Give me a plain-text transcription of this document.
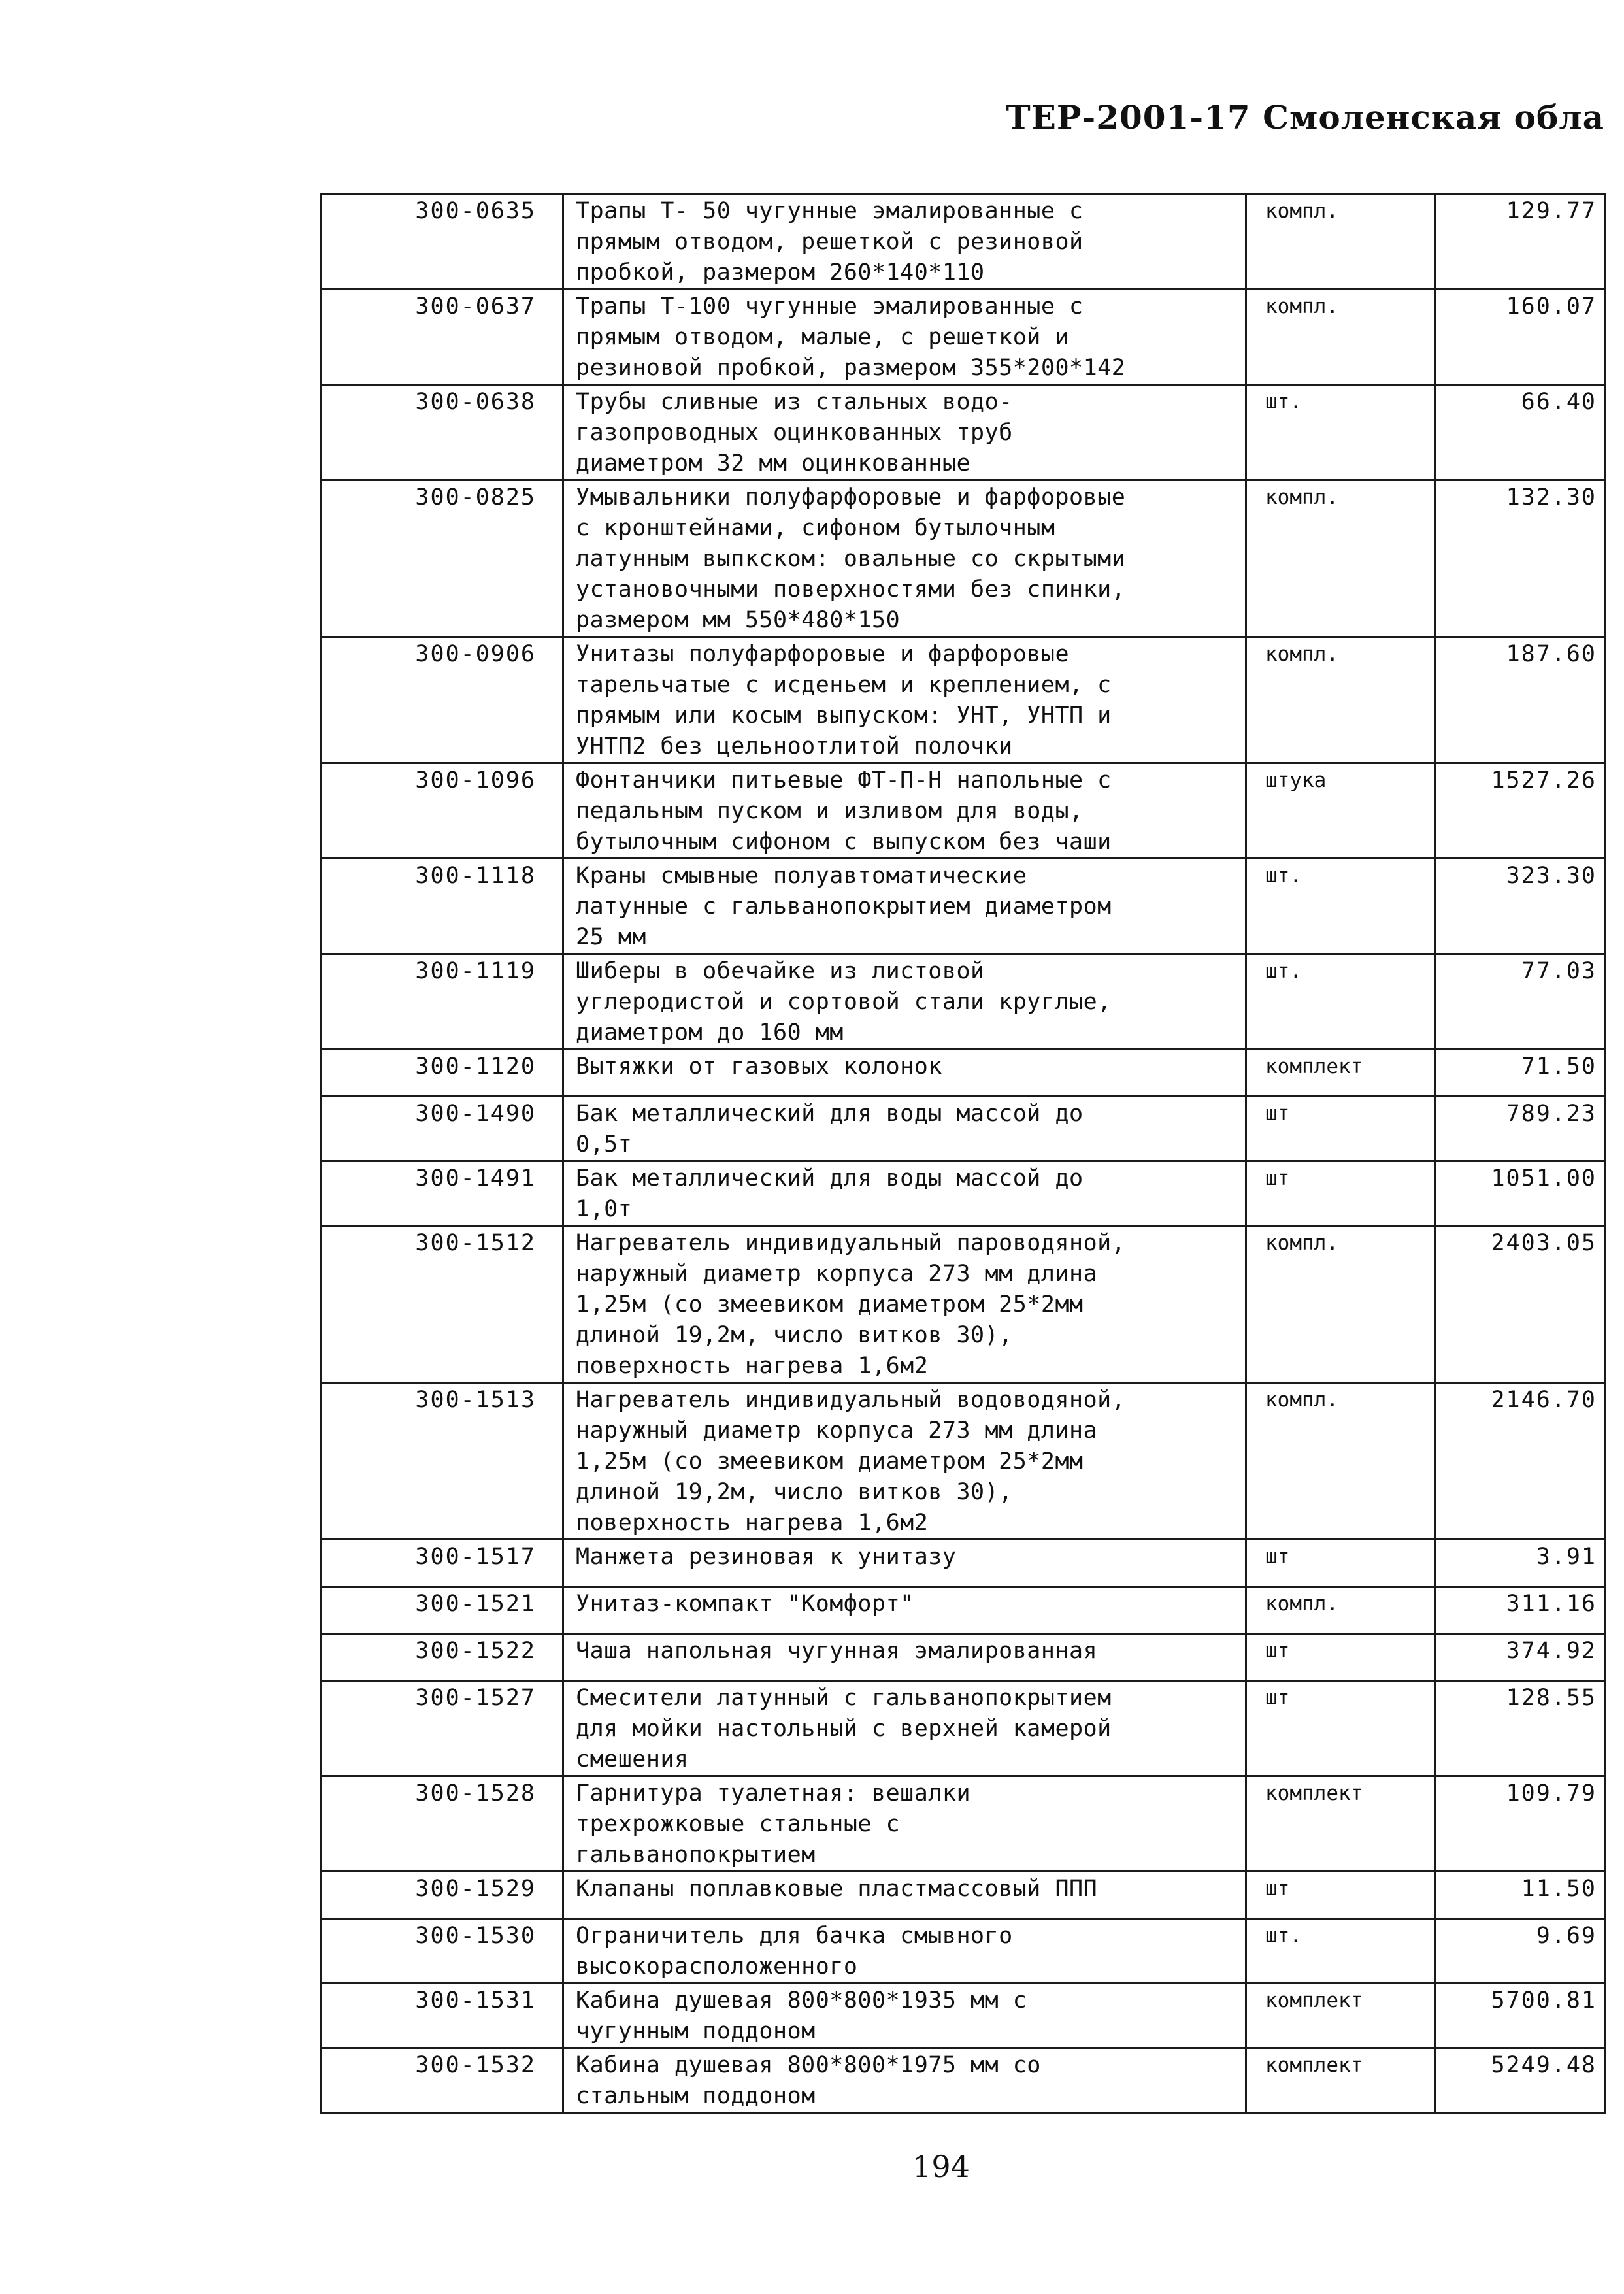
ТЕР-2001-17 Смоленская обла
300-0635	Трапы Т- 50 чугунные эмалированные с
прямым отводом, решеткой с резиновой
пробкой, размером 260*140*110	компл.	129.77
300-0637	Трапы Т-100 чугунные эмалированные с
прямым отводом, малые, с решеткой и
резиновой пробкой, размером 355*200*142	компл.	160.07
300-0638	Трубы сливные из стальных водо-
газопроводных оцинкованных труб
диаметром 32 мм оцинкованные	шт.	66.40
300-0825	Умывальники полуфарфоровые и фарфоровые
с кронштейнами, сифоном бутылочным
латунным выпкском: овальные со скрытыми
установочными поверхностями без спинки,
размером мм 550*480*150	компл.	132.30
300-0906	Унитазы полуфарфоровые и фарфоровые
тарельчатые с исденьем и креплением, с
прямым или косым выпуском: УНТ, УНТП и
УНТП2 без цельноотлитой полочки	компл.	187.60
300-1096	Фонтанчики питьевые ФТ-П-Н напольные с
педальным пуском и изливом для воды,
бутылочным сифоном с выпуском без чаши	штука	1527.26
300-1118	Краны смывные полуавтоматические
латунные с гальванопокрытием диаметром
25 мм	шт.	323.30
300-1119	Шиберы в обечайке из листовой
углеродистой и сортовой стали круглые,
диаметром до 160 мм	шт.	77.03
300-1120	Вытяжки от газовых колонок	комплект	71.50
300-1490	Бак металлический для воды массой до
0,5т	шт	789.23
300-1491	Бак металлический для воды массой до
1,0т	шт	1051.00
300-1512	Нагреватель индивидуальный пароводяной,
наружный диаметр корпуса 273 мм длина
1,25м (со змеевиком диаметром 25*2мм
длиной 19,2м, число витков 30),
поверхность нагрева 1,6м2	компл.	2403.05
300-1513	Нагреватель индивидуальный водоводяной,
наружный диаметр корпуса 273 мм длина
1,25м (со змеевиком диаметром 25*2мм
длиной 19,2м, число витков 30),
поверхность нагрева 1,6м2	компл.	2146.70
300-1517	Манжета резиновая к унитазу	шт	3.91
300-1521	Унитаз-компакт "Комфорт"	компл.	311.16
300-1522	Чаша напольная чугунная эмалированная	шт	374.92
300-1527	Смесители латунный с гальванопокрытием
для мойки настольный с верхней камерой
смешения	шт	128.55
300-1528	Гарнитура туалетная: вешалки
трехрожковые стальные с
гальванопокрытием	комплект	109.79
300-1529	Клапаны поплавковые пластмассовый ППП	шт	11.50
300-1530	Ограничитель для бачка смывного
высокорасположенного	шт.	9.69
300-1531	Кабина душевая 800*800*1935 мм с
чугунным поддоном	комплект	5700.81
300-1532	Кабина душевая 800*800*1975 мм со
стальным поддоном	комплект	5249.48
194
